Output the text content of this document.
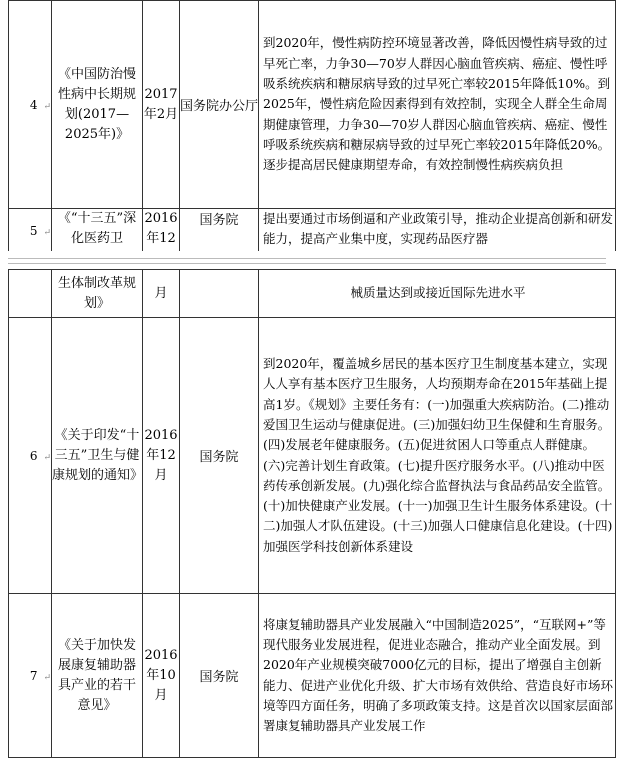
4 ↵	《中国防治慢性病中长期规划(2017—2025年)》	2017年2月	国务院办公厅	到2020年，慢性病防控环境显著改善，降低因慢性病导致的过早死亡率，力争30—70岁人群因心脑血管疾病、癌症、慢性呼吸系统疾病和糖尿病导致的过早死亡率较2015年降低10%。到2025年，慢性病危险因素得到有效控制，实现全人群全生命周期健康管理，力争30—70岁人群因心脑血管疾病、癌症、慢性呼吸系统疾病和糖尿病导致的过早死亡率较2015年降低20%。逐步提高居民健康期望寿命，有效控制慢性病疾病负担
5 ↵	《“十三五”深化医药卫	2016年12	国务院	提出要通过市场倒逼和产业政策引导，推动企业提高创新和研发能力，提高产业集中度，实现药品医疗器
	生体制改革规划》	月		械质量达到或接近国际先进水平
6 ↵	《关于印发“十三五”卫生与健康规划的通知》	2016年12月	国务院	到2020年，覆盖城乡居民的基本医疗卫生制度基本建立，实现人人享有基本医疗卫生服务，人均预期寿命在2015年基础上提高1岁。《规划》主要任务有：(一)加强重大疾病防治。(二)推动爱国卫生运动与健康促进。(三)加强妇幼卫生保健和生育服务。(四)发展老年健康服务。(五)促进贫困人口等重点人群健康。(六)完善计划生育政策。(七)提升医疗服务水平。(八)推动中医药传承创新发展。(九)强化综合监督执法与食品药品安全监管。(十)加快健康产业发展。(十一)加强卫生计生服务体系建设。(十二)加强人才队伍建设。(十三)加强人口健康信息化建设。(十四)加强医学科技创新体系建设
7 ↵	《关于加快发展康复辅助器具产业的若干意见》	2016年10月	国务院	将康复辅助器具产业发展融入“中国制造2025”，“互联网+”等现代服务业发展进程，促进业态融合，推动产业全面发展。到2020年产业规模突破7000亿元的目标，提出了增强自主创新能力、促进产业优化升级、扩大市场有效供给、营造良好市场环境等四方面任务，明确了多项政策支持。这是首次以国家层面部署康复辅助器具产业发展工作
